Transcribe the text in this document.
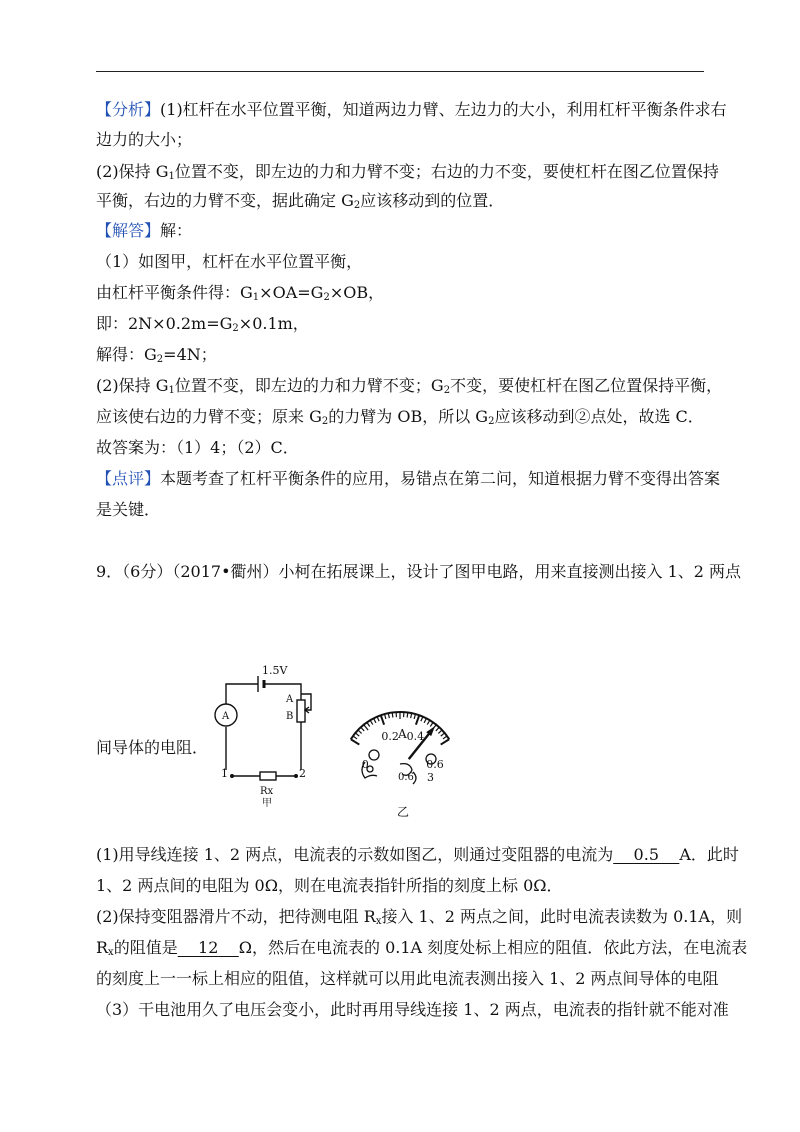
【分析】(1)杠杆在水平位置平衡，知道两边力臂、左边力的大小，利用杠杆平衡条件求右
边力的大小；
(2)保持 $G_1$位置不变，即左边的力和力臂不变；右边的力不变，要使杠杆在图乙位置保持
平衡，右边的力臂不变，据此确定 $G_2$应该移动到的位置．
【解答】解：
（1）如图甲，杠杆在水平位置平衡，
由杠杆平衡条件得：$G_1\times OA=G_2\times OB$，
即：$2N\times 0.2m=G_2\times 0.1m$，
解得：$G_2=4N$；
(2)保持 $G_1$位置不变，即左边的力和力臂不变；$G_2$不变，要使杠杆在图乙位置保持平衡，
应该使右边的力臂不变；原来 $G_2$的力臂为 OB，所以 $G_2$应该移动到②点处，故选 C．
故答案为：（1）4；（2）C．
【点评】本题考查了杠杆平衡条件的应用，易错点在第二问，知道根据力臂不变得出答案
是关键．
9．（6分）（2017•衢州）小柯在拓展课上，设计了图甲电路，用来直接测出接入 1、2 两点
间导体的电阻．
1.5V
A
A
B
1	2
Rx
甲
0
0.2 0.4
0.6
A
0.6 3
乙
(1)用导线连接 1、2 两点，电流表的示数如图乙，则通过变阻器的电流为 0.5 A．此时
1、2 两点间的电阻为 0Ω，则在电流表指针所指的刻度上标 0Ω．
(2)保持变阻器滑片不动，把待测电阻 $R_x$接入 1、2 两点之间，此时电流表读数为 0.1A，则
$R_x$的阻值是 12 Ω，然后在电流表的 0.1A 刻度处标上相应的阻值．依此方法，在电流表
的刻度上一一标上相应的阻值，这样就可以用此电流表测出接入 1、2 两点间导体的电阻
（3）干电池用久了电压会变小，此时再用导线连接 1、2 两点，电流表的指针就不能对准
